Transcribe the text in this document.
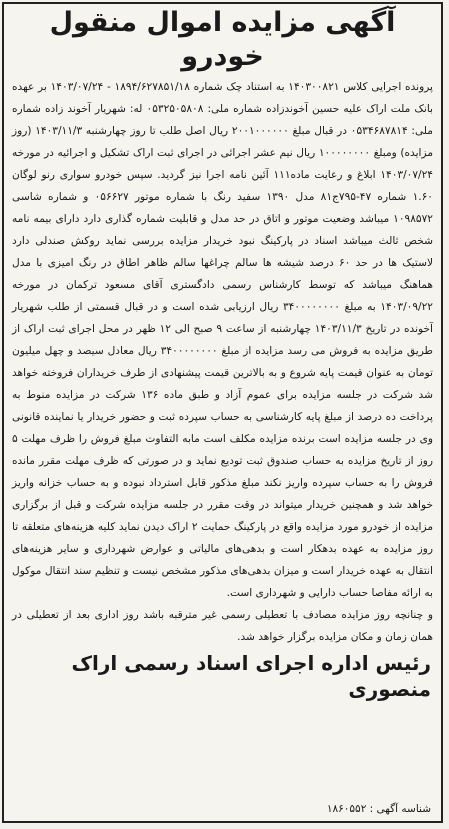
آگهی مزایده اموال منقول خودرو

پرونده اجرایی کلاس ۱۴۰۳۰۰۸۲۱ به استناد چک شماره ۱۸۹۴/۶۲۷۸۵۱/۱۸ - ۱۴۰۳/۰۷/۲۴ بر عهده بانک ملت اراک علیه حسین آخوندزاده شماره ملی: ۰۵۳۲۵۰۵۸۰۸ له: شهریار آخوند زاده شماره ملی: ۰۵۳۴۶۸۷۸۱۴ در قبال مبلغ ۲۰۰۱۰۰۰۰۰۰ ریال اصل طلب تا روز چهارشنبه ۱۴۰۳/۱۱/۳ (روز مزایده) ومبلغ ۱۰۰۰۰۰۰۰۰ ریال نیم عشر اجرائی در اجرای ثبت اراک تشکیل و اجرائیه در مورخه ۱۴۰۳/۰۷/۲۴ ابلاغ و رعایت ماده۱۱۱ آئین نامه اجرا نیز گردید. سپس خودرو سواری رنو لوگان ۱.۶۰ شماره ۴۷-۷۹۵ج۸۱ مدل ۱۳۹۰ سفید رنگ با شماره موتور ۰۵۶۶۲۷ و شماره شاسی ۱۰۹۸۵۷۲ میباشد وضعیت موتور و اتاق در حد مدل و قابلیت شماره گذاری دارد دارای بیمه نامه شخص ثالث میباشد اسناد در پارکینگ نبود خریدار مزایده بررسی نماید روکش صندلی دارد لاستیک ها در حد ۶۰ درصد شیشه ها سالم چراغها سالم ظاهر اطاق در رنگ امیزی با مدل هماهنگ میباشد که توسط کارشناس رسمی دادگستری آقای مسعود ترکمان در مورخه ۱۴۰۳/۰۹/۲۲ به مبلغ ۳۴۰۰۰۰۰۰۰۰ ریال ارزیابی شده است و در قبال قسمتی از طلب شهریار آخونده در تاریخ ۱۴۰۳/۱۱/۳ چهارشنبه از ساعت ۹ صبح الی ۱۲ ظهر در محل اجرای ثبت اراک از طریق مزایده به فروش می رسد مزایده از مبلغ ۳۴۰۰۰۰۰۰۰۰ ریال معادل سیصد و چهل میلیون تومان به عنوان قیمت پایه شروع و به بالاترین قیمت پیشنهادی از طرف خریداران فروخته خواهد شد شرکت در جلسه مزایده برای عموم آزاد و طبق ماده ۱۳۶ شرکت در مزایده منوط به پرداخت ده درصد از مبلغ پایه کارشناسی به حساب سپرده ثبت و حضور خریدار یا نماینده قانونی وی در جلسه مزایده است برنده مزایده مکلف است مابه التفاوت مبلغ فروش را ظرف مهلت ۵ روز از تاریخ مزایده به حساب صندوق ثبت تودیع نماید و در صورتی که ظرف مهلت مقرر مانده فروش را به حساب سپرده واریز نکند مبلغ مذکور قابل استرداد نبوده و به حساب خزانه واریز خواهد شد و همچنین خریدار میتواند در وقت مقرر در جلسه مزایده شرکت و قبل از برگزاری مزایده از خودرو مورد مزایده واقع در پارکینگ حمایت ۲ اراک دیدن نماید کلیه هزینه‌های متعلقه تا روز مزایده به عهده بدهکار است و بدهی‌های مالیاتی و عوارض شهرداری و سایر هزینه‌های انتقال به عهده خریدار است و میزان بدهی‌های مذکور مشخص نیست و تنظیم سند انتقال موکول به ارائه مفاصا حساب دارایی و شهرداری است.

و چنانچه روز مزایده مصادف با تعطیلی رسمی غیر مترقبه باشد روز اداری بعد از تعطیلی در همان زمان و مکان مزایده برگزار خواهد شد.

رئیس اداره اجرای اسناد رسمی اراک
منصوری
شناسه آگهی : ۱۸۶۰۵۵۲
